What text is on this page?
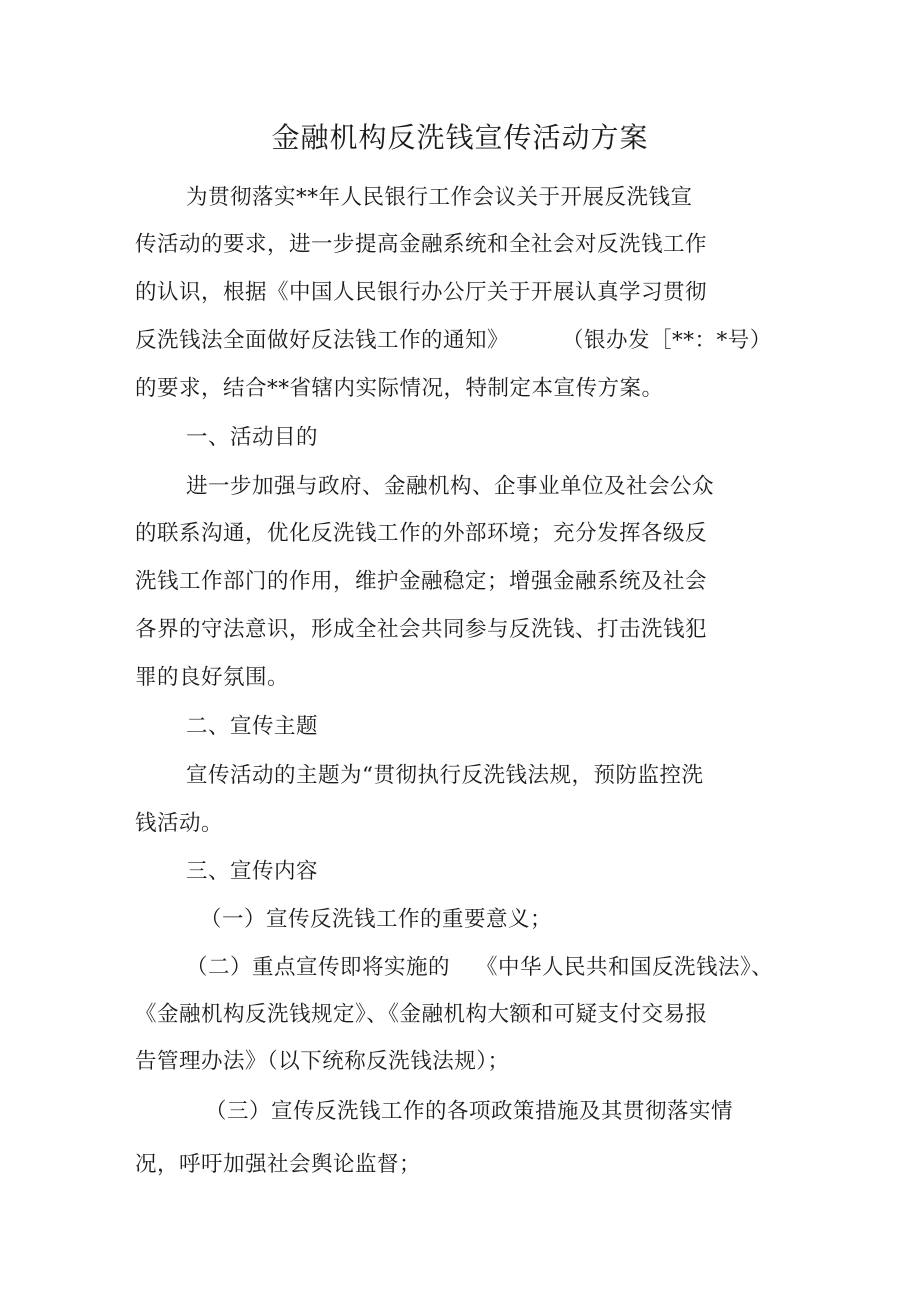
金融机构反洗钱宣传活动方案
为贯彻落实**年人民银行工作会议关于开展反洗钱宣
传活动的要求，进一步提高金融系统和全社会对反洗钱工作
的认识，根据《中国人民银行办公厅关于开展认真学习贯彻
反洗钱法全面做好反法钱工作的通知》 （银办发［**：*号）
的要求，结合**省辖内实际情况，特制定本宣传方案。
一、活动目的
进一步加强与政府、金融机构、企事业单位及社会公众
的联系沟通，优化反洗钱工作的外部环境；充分发挥各级反
洗钱工作部门的作用，维护金融稳定；增强金融系统及社会
各界的守法意识，形成全社会共同参与反洗钱、打击洗钱犯
罪的良好氛围。
二、宣传主题
宣传活动的主题为“贯彻执行反洗钱法规，预防监控洗
钱活动。
三、宣传内容
（一）宣传反洗钱工作的重要意义；
（二）重点宣传即将实施的 《中华人民共和国反洗钱法》、
《金融机构反洗钱规定》、《金融机构大额和可疑支付交易报
告管理办法》（以下统称反洗钱法规）；
（三）宣传反洗钱工作的各项政策措施及其贯彻落实情
况，呼吁加强社会舆论监督；
